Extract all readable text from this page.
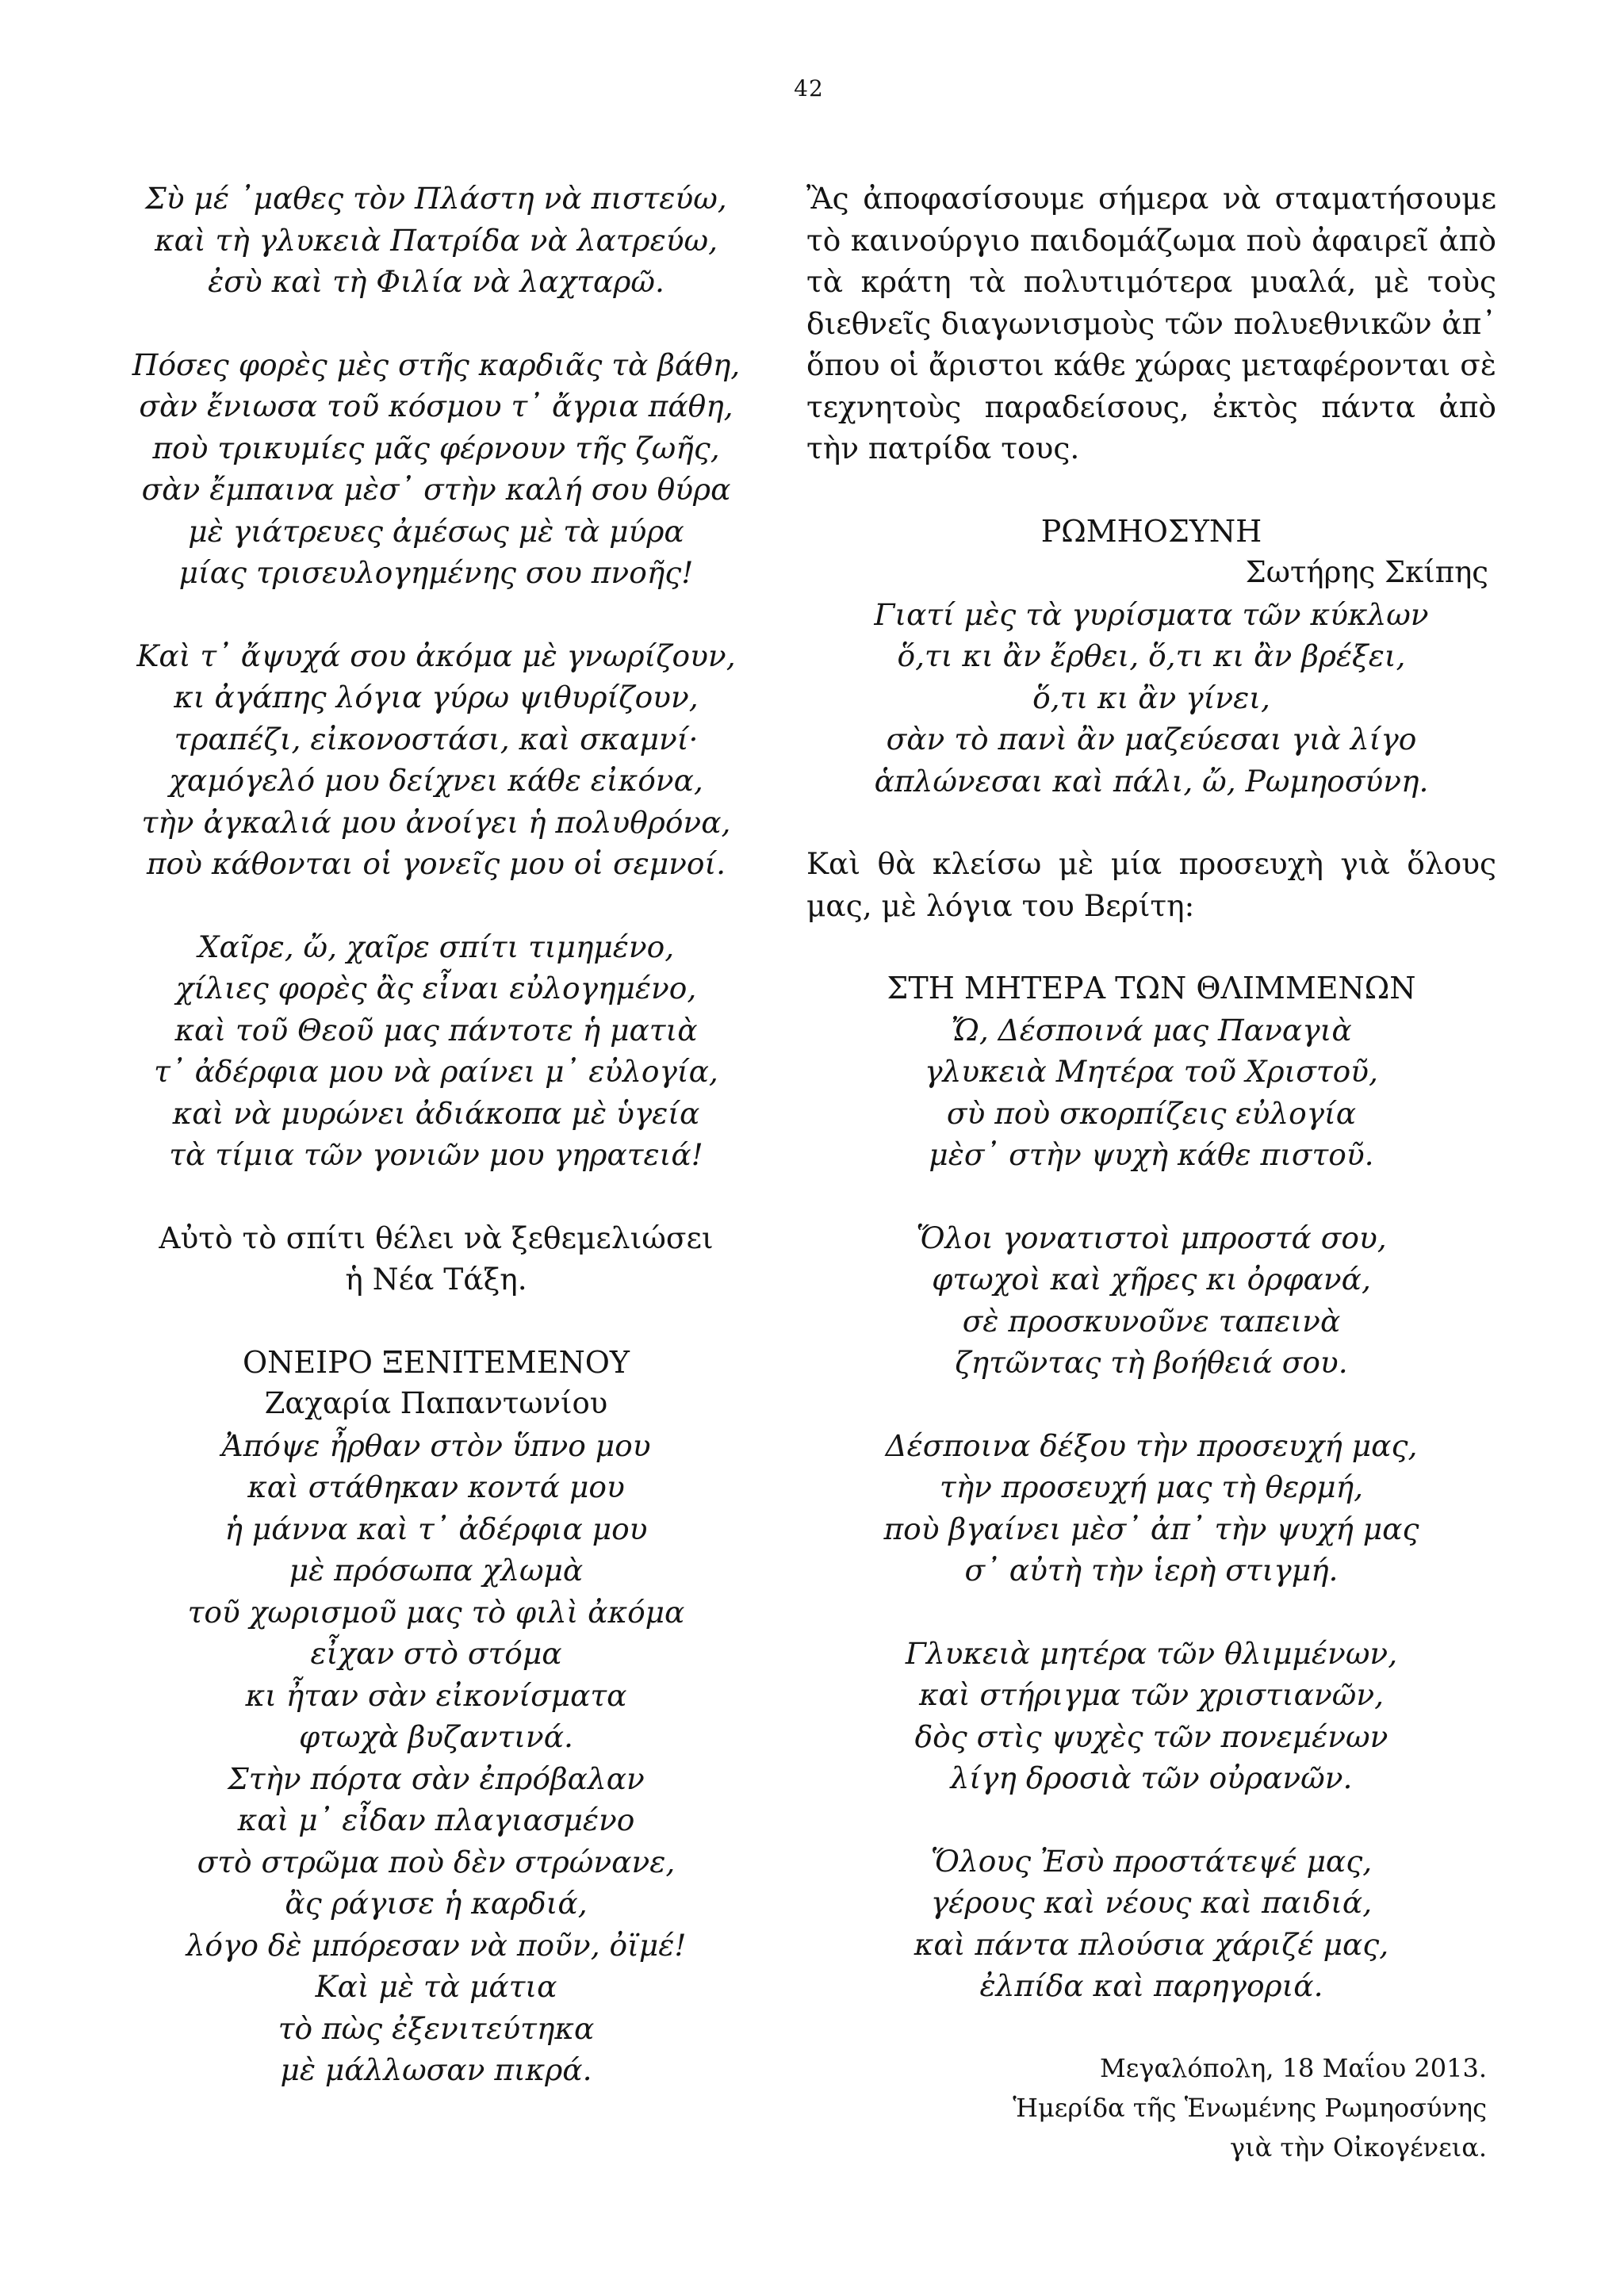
42
Σὺ μέ ᾿μαθες τὸν Πλάστη νὰ πιστεύω,
καὶ τὴ γλυκειὰ Πατρίδα νὰ λατρεύω,
ἐσὺ καὶ τὴ Φιλία νὰ λαχταρῶ.
Πόσες φορὲς μὲς στῆς καρδιᾶς τὰ βάθη,
σὰν ἔνιωσα τοῦ κόσμου τ᾿ ἄγρια πάθη,
ποὺ τρικυμίες μᾶς φέρνουν τῆς ζωῆς,
σὰν ἔμπαινα μὲσ᾿ στὴν καλή σου θύρα
μὲ γιάτρευες ἀμέσως μὲ τὰ μύρα
μίας τρισευλογημένης σου πνοῆς!
Καὶ τ᾿ ἄψυχά σου ἀκόμα μὲ γνωρίζουν,
κι ἀγάπης λόγια γύρω ψιθυρίζουν,
τραπέζι, εἰκονοστάσι, καὶ σκαμνί·
χαμόγελό μου δείχνει κάθε εἰκόνα,
τὴν ἀγκαλιά μου ἀνοίγει ἡ πολυθρόνα,
ποὺ κάθονται οἱ γονεῖς μου οἱ σεμνοί.
Χαῖρε, ὤ, χαῖρε σπίτι τιμημένο,
χίλιες φορὲς ἂς εἶναι εὐλογημένο,
καὶ τοῦ Θεοῦ μας πάντοτε ἡ ματιὰ
τ᾿ ἀδέρφια μου νὰ ραίνει μ᾿ εὐλογία,
καὶ νὰ μυρώνει ἀδιάκοπα μὲ ὑγεία
τὰ τίμια τῶν γονιῶν μου γηρατειά!
Αὐτὸ τὸ σπίτι θέλει νὰ ξεθεμελιώσει
ἡ Νέα Τάξη.
ΟΝΕΙΡΟ ΞΕΝΙΤΕΜΕΝΟΥ
Ζαχαρία Παπαντωνίου
Ἀπόψε ἦρθαν στὸν ὕπνο μου
καὶ στάθηκαν κοντά μου
ἡ μάννα καὶ τ᾿ ἀδέρφια μου
μὲ πρόσωπα χλωμὰ
τοῦ χωρισμοῦ μας τὸ φιλὶ ἀκόμα
εἶχαν στὸ στόμα
κι ἦταν σὰν εἰκονίσματα
φτωχὰ βυζαντινά.
Στὴν πόρτα σὰν ἐπρόβαλαν
καὶ μ᾿ εἶδαν πλαγιασμένο
στὸ στρῶμα ποὺ δὲν στρώνανε,
ἂς ράγισε ἡ καρδιά,
λόγο δὲ μπόρεσαν νὰ ποῦν, ὀϊμέ!
Καὶ μὲ τὰ μάτια
τὸ πὼς ἐξενιτεύτηκα
μὲ μάλλωσαν πικρά.
Ἂς ἀποφασίσουμε σήμερα νὰ σταματήσουμε τὸ καινούργιο παιδομάζωμα ποὺ ἀφαιρεῖ ἀπὸ τὰ κράτη τὰ πολυτιμότερα μυαλά, μὲ τοὺς διεθνεῖς διαγωνισμοὺς τῶν πολυεθνικῶν ἀπ᾿ ὅπου οἱ ἄριστοι κάθε χώρας μεταφέρονται σὲ τεχνητοὺς παραδείσους, ἐκτὸς πάντα ἀπὸ τὴν πατρίδα τους.
ΡΩΜΗΟΣΥΝΗ
Σωτήρης Σκίπης
Γιατί μὲς τὰ γυρίσματα τῶν κύκλων
ὅ,τι κι ἂν ἔρθει, ὅ,τι κι ἂν βρέξει,
ὅ,τι κι ἂν γίνει,
σὰν τὸ πανὶ ἂν μαζεύεσαι γιὰ λίγο
ἁπλώνεσαι καὶ πάλι, ὤ, Ρωμηοσύνη.
Καὶ θὰ κλείσω μὲ μία προσευχὴ γιὰ ὅλους μας, μὲ λόγια του Βερίτη:
ΣΤΗ ΜΗΤΕΡΑ ΤΩΝ ΘΛΙΜΜΕΝΩΝ
Ὤ, Δέσποινά μας Παναγιὰ
γλυκειὰ Μητέρα τοῦ Χριστοῦ,
σὺ ποὺ σκορπίζεις εὐλογία
μὲσ᾿ στὴν ψυχὴ κάθε πιστοῦ.
Ὅλοι γονατιστοὶ μπροστά σου,
φτωχοὶ καὶ χῆρες κι ὀρφανά,
σὲ προσκυνοῦνε ταπεινὰ
ζητῶντας τὴ βοήθειά σου.
Δέσποινα δέξου τὴν προσευχή μας,
τὴν προσευχή μας τὴ θερμή,
ποὺ βγαίνει μὲσ᾿ ἀπ᾿ τὴν ψυχή μας
σ᾿ αὐτὴ τὴν ἱερὴ στιγμή.
Γλυκειὰ μητέρα τῶν θλιμμένων,
καὶ στήριγμα τῶν χριστιανῶν,
δὸς στὶς ψυχὲς τῶν πονεμένων
λίγη δροσιὰ τῶν οὐρανῶν.
Ὅλους Ἐσὺ προστάτεψέ μας,
γέρους καὶ νέους καὶ παιδιά,
καὶ πάντα πλούσια χάριζέ μας,
ἐλπίδα καὶ παρηγοριά.
Μεγαλόπολη, 18 Μαΐου 2013.
Ἡμερίδα τῆς Ἑνωμένης Ρωμηοσύνης
γιὰ τὴν Οἰκογένεια.
